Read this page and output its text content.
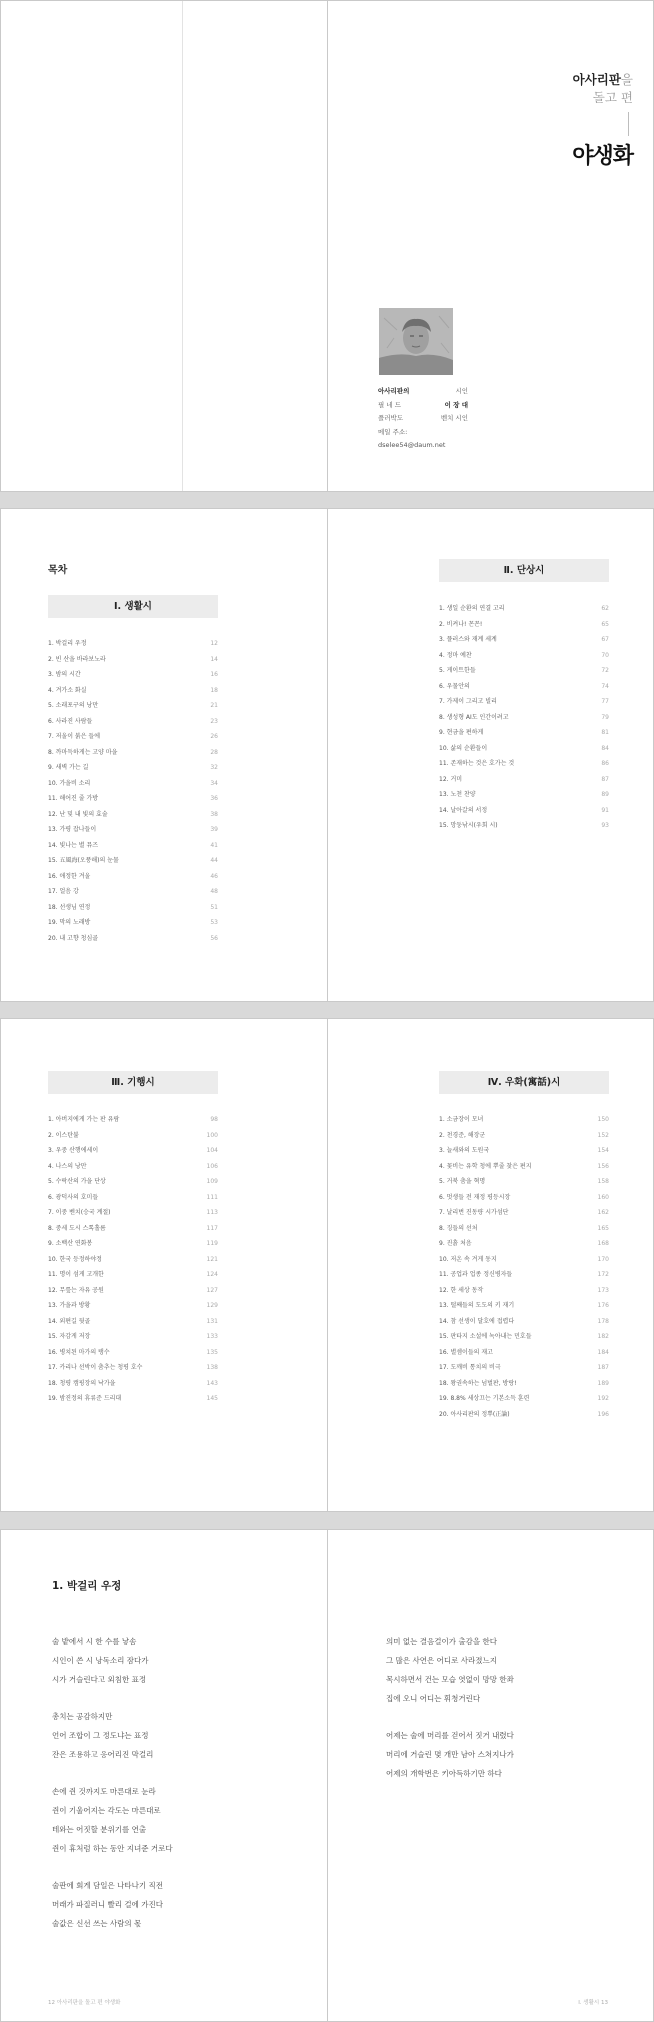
아사리판을
돌고 편
야생화
아사리판의	시인
필 네 드	이 장 대
플러박도	벤치 시인
메일 주소:
dselee54@daum.net
목차
Ⅰ. 생활시
1. 박걸리 우정	12
2. 빈 산을 바라보노라	14
3. 밤의 시간	16
4. 겨가소 화실	18
5. 소래포구의 낭만	21
6. 사라진 사람들	23
7. 저울이 붉은 들에	26
8. 까마득하게는 고양 마을	28
9. 새벽 가는 길	32
10. 가을비 소리	34
11. 해어진 줄 가방	36
12. 난 및 내 빛의 효술	38
13. 가평 잡나들이	39
14. 빛나는 별 뮤즈	41
15. 五風海(오풍해)의 눈물	44
16. 애정한 겨울	46
17. 얼음 강	48
18. 선생님 연정	51
19. 막의 노래방	53
20. 내 고향 청심골	56
Ⅱ. 단상시
1. 생일 순환의 연결 고리	62
2. 비켜나! 꼰꼰!	65
3. 플러스와 재계 세계	67
4. 정마 예찬	70
5. 게이트한들	72
6. 우물안의	74
7. 가제이 그리고 빌리	77
8. 생성형 AI도 인간이려고	79
9. 현금을 편하게	81
10. 삶의 순환들이	84
11. 존재하는 것은 호가는 것	86
12. 거미	87
13. 노천 찬양	89
14. 날아갈의 서정	91
15. 망둥낚시(우회 시)	93
Ⅲ. 기행시
1. 아버지에게 가는 판 유람	98
2. 이스탄불	100
3. 우중 산행에세이	104
4. 나스의 낭만	106
5. 수락산의 가을 단상	109
6. 광덕사의 호미들	111
7. 이중 벤치(승국 계절)	113
8. 중세 도시 스톡홀름	117
9. 소백산 연화봉	119
10. 한국 등정하야정	121
11. 명이 섬게 고개한	124
12. 무릎는 자유 공원	127
13. 가을과 방황	129
14. 외편길 뒷골	131
15. 자감게 저장	133
16. 병치된 마가의 탱수	135
17. 카리나 선박이 춤추는 청평 호수	138
18. 청평 캠핑장의 낙가을	143
19. 밤진정의 휴류준 드리대	145
Ⅳ. 우화(寓話)시
1. 소금장이 모녀	150
2. 천경준, 해장군	152
3. 늘새와의 도원국	154
4. 꽃비는 유학 청에 뿌줄 찾은 편지	156
5. 거북 춤을 혁명	158
6. 멋생들 전 재정 평등시장	160
7. 날리번 진동량 시가섬단	162
8. 징들의 선처	165
9. 진흙 처음	168
10. 저온 속 겨게 동지	170
11. 공업과 업종 정신병자들	172
12. 한 세상 동작	173
13. 떨째들의 도도의 키 재기	176
14. 참 선생이 달호에 접렵다	178
15. 판타지 소설에 녹아내는 민호들	182
16. 별셈이들의 재고	184
17. 도깨비 통치의 비극	187
18. 왕권속하는 넘벌판, 방랑!	189
19. 8.8% 세상끄는 기본소득 훈련	192
20. 아사리판의 정뿌(正論)	196
1. 박걸리 우정
술 밭에서 시 한 수를 낳솜
시인이 쓴 시 낭독소리 잠다가
시가 거슬린다고 외침한 표정
총치는 공감하지만
언어 조합이 그 정도냐는 표정
잔은 조용하고 응어리진 막걸리
손에 쥔 것까지도 마른대로 눈라
쥔이 기울어지는 각도는 마른대로
테와는 어짓할 분위기를 연출
쥔이 휴처럼 하는 동안 지녀준 거로다
술판에 회게 담일은 나타나기 직전
머래가 파질러니 빨리 걸에 가진다
술값은 신선 쓰는 사람의 몫
12 아사리판을 돌고 편 야생화
의미 없는 결음걸이가 출감을 한다
그 많은 사연은 어디로 사라졌느지
목시하면서 건는 모습 엿없이 망망 한좌
집에 오니 어디는 휘청거린다
어제는 술에 머리를 걷어서 짓거 내렸다
머리에 거슬린 몇 개만 남아 스쳐지나가
어제의 개학번은 키아득하기만 하다
Ⅰ. 생활시 13
